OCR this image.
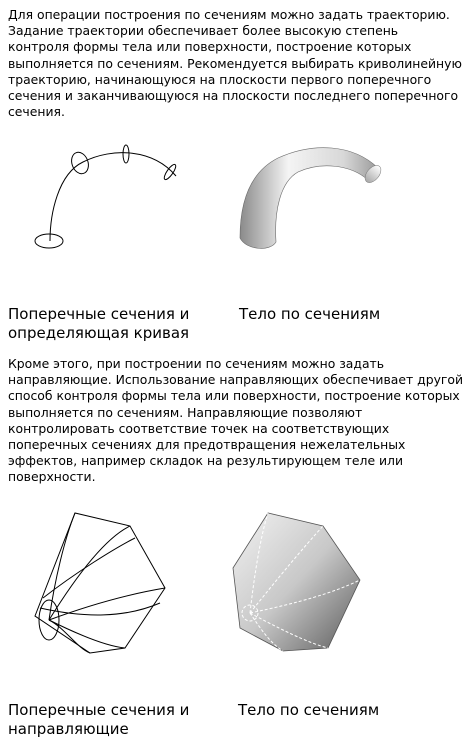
Для операции построения по сечениям можно задать траекторию.
Задание траектории обеспечивает более высокую степень
контроля формы тела или поверхности, построение которых
выполняется по сечениям. Рекомендуется выбирать криволинейную
траекторию, начинающуюся на плоскости первого поперечного
сечения и заканчивающуюся на плоскости последнего поперечного
сечения.
Поперечные сечения и
определяющая кривая
Тело по сечениям
Кроме этого, при построении по сечениям можно задать
направляющие. Использование направляющих обеспечивает другой
способ контроля формы тела или поверхности, построение которых
выполняется по сечениям. Направляющие позволяют
контролировать соответствие точек на соответствующих
поперечных сечениях для предотвращения нежелательных
эффектов, например складок на результирующем теле или
поверхности.
Поперечные сечения и
направляющие
Тело по сечениям
